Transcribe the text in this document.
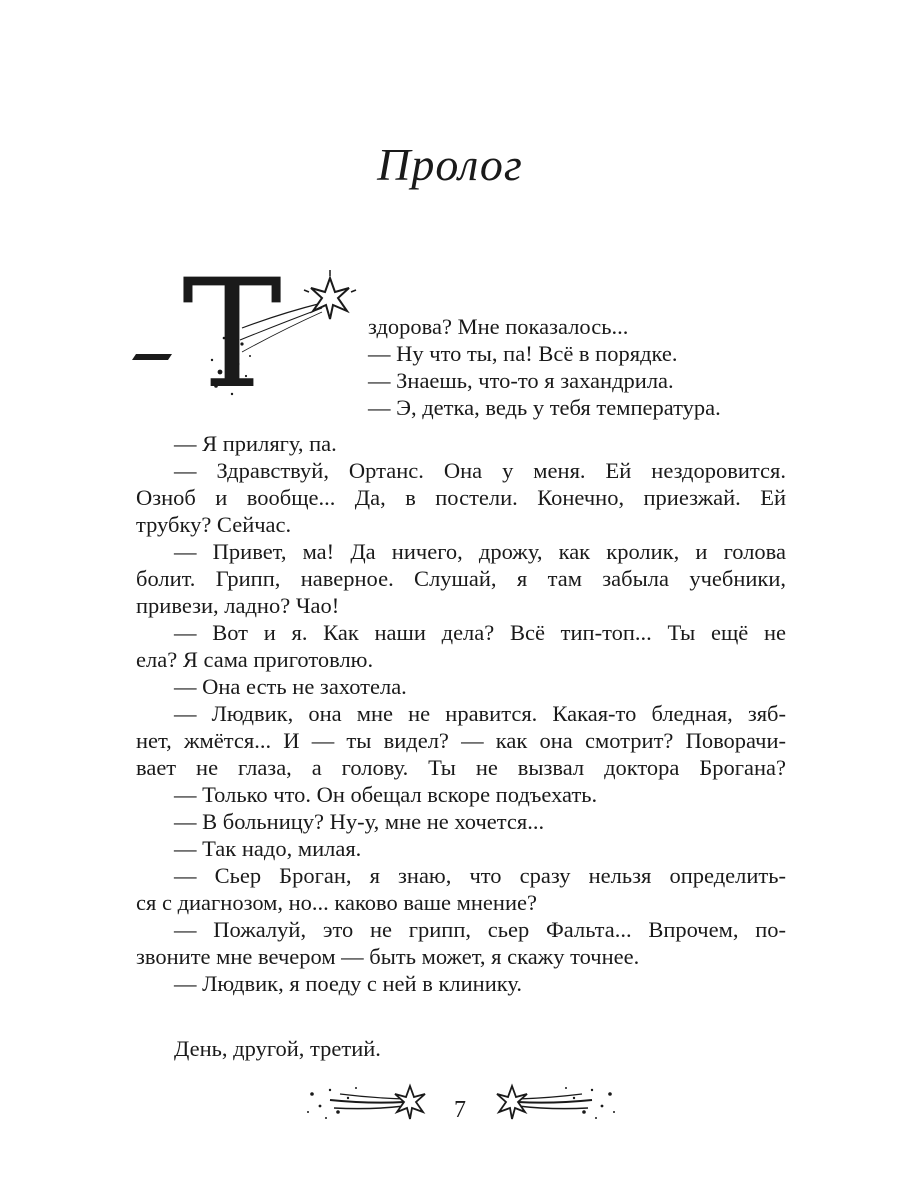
Пролог
Т	здорова? Мне показалось...
— Ну что ты, па! Всё в порядке.
— Знаешь, что-то я захандрила.
— Э, детка, ведь у тебя температура.
— Я прилягу, па.
— Здравствуй, Ортанс. Она у меня. Ей нездоровится.
Озноб и вообще... Да, в постели. Конечно, приезжай. Ей
трубку? Сейчас.
— Привет, ма! Да ничего, дрожу, как кролик, и голова
болит. Грипп, наверное. Слушай, я там забыла учебники,
привези, ладно? Чао!
— Вот и я. Как наши дела? Всё тип-топ... Ты ещё не
ела? Я сама приготовлю.
— Она есть не захотела.
— Людвик, она мне не нравится. Какая-то бледная, зяб-
нет, жмётся... И — ты видел? — как она смотрит? Поворачи-
вает не глаза, а голову. Ты не вызвал доктора Брогана?
— Только что. Он обещал вскоре подъехать.
— В больницу? Ну-у, мне не хочется...
— Так надо, милая.
— Сьер Броган, я знаю, что сразу нельзя определить-
ся с диагнозом, но... каково ваше мнение?
— Пожалуй, это не грипп, сьер Фальта... Впрочем, по-
звоните мне вечером — быть может, я скажу точнее.
— Людвик, я поеду с ней в клинику.
День, другой, третий.
7
